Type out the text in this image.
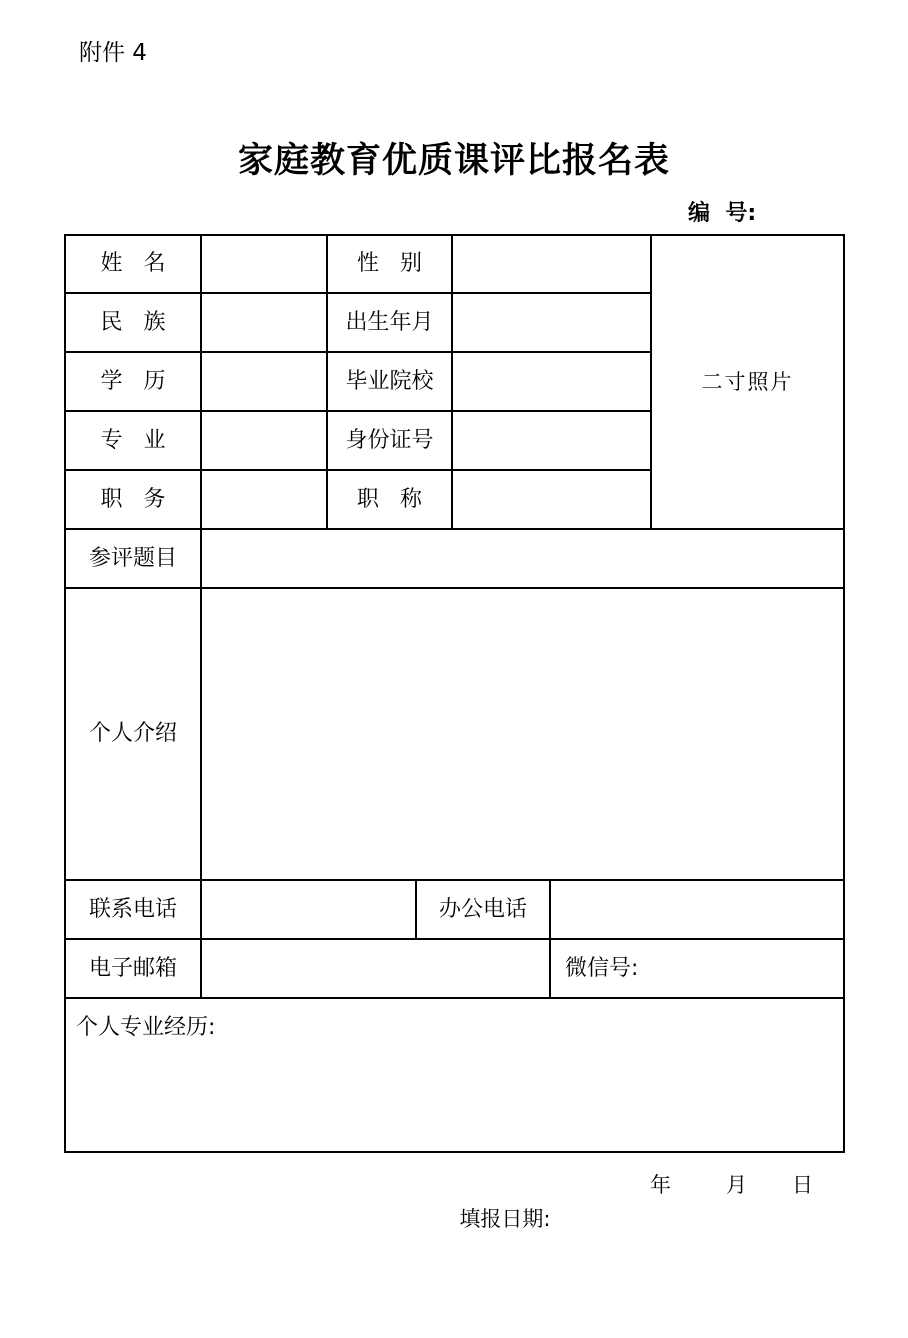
附件 4
家庭教育优质课评比报名表
编  号:
姓   名	性   别
民   族	出生年月
学   历	毕业院校
专   业	身份证号
职   务	职   称
二寸照片
参评题目
个人介绍
联系电话	办公电话
电子邮箱	微信号:
个人专业经历:

填报日期:

年

	月

日
